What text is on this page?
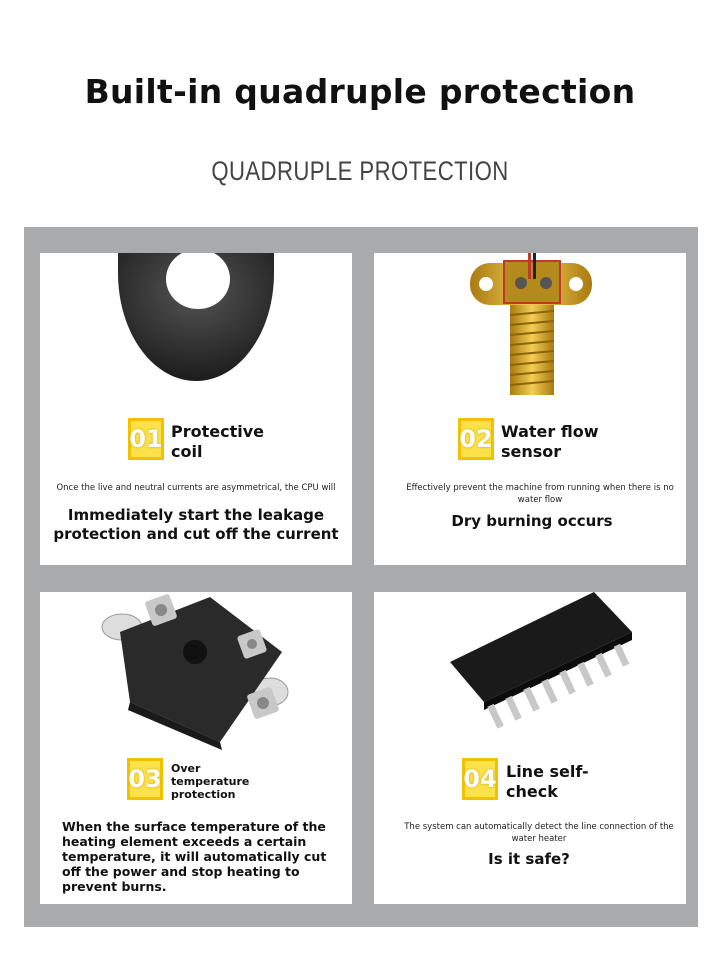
Built-in quadruple protection
QUADRUPLE PROTECTION
01 Protective
coil
Once the live and neutral currents are asymmetrical, the CPU will
Immediately start the leakage protection and cut off the current
02 Water flow
sensor
Effectively prevent the machine from running when there is no water flow
Dry burning occurs
03 Over
temperature
protection
When the surface temperature of the heating element exceeds a certain temperature, it will automatically cut off the power and stop heating to prevent burns.
04 Line self-
check
The system can automatically detect the line connection of the water heater
Is it safe?
